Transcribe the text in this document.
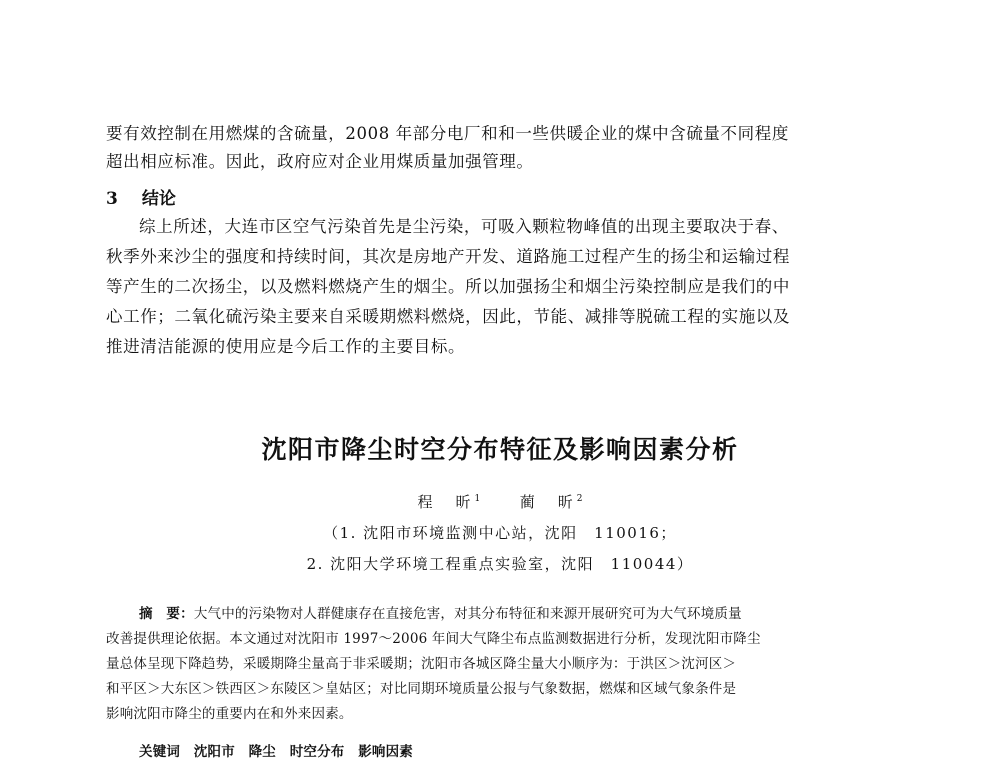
要有效控制在用燃煤的含硫量，2008 年部分电厂和和一些供暖企业的煤中含硫量不同程度
超出相应标准。因此，政府应对企业用煤质量加强管理。
3 结论
综上所述，大连市区空气污染首先是尘污染，可吸入颗粒物峰值的出现主要取决于春、
秋季外来沙尘的强度和持续时间，其次是房地产开发、道路施工过程产生的扬尘和运输过程
等产生的二次扬尘，以及燃料燃烧产生的烟尘。所以加强扬尘和烟尘污染控制应是我们的中
心工作；二氧化硫污染主要来自采暖期燃料燃烧，因此，节能、减排等脱硫工程的实施以及
推进清洁能源的使用应是今后工作的主要目标。
沈阳市降尘时空分布特征及影响因素分析
程　昕$^1$	蔺　昕$^2$
（1. 沈阳市环境监测中心站，沈阳　110016；
2. 沈阳大学环境工程重点实验室，沈阳　110044）
摘　要：大气中的污染物对人群健康存在直接危害，对其分布特征和来源开展研究可为大气环境质量
改善提供理论依据。本文通过对沈阳市 1997～2006 年间大气降尘布点监测数据进行分析，发现沈阳市降尘
量总体呈现下降趋势，采暖期降尘量高于非采暖期；沈阳市各城区降尘量大小顺序为：于洪区＞沈河区＞
和平区＞大东区＞铁西区＞东陵区＞皇姑区；对比同期环境质量公报与气象数据，燃煤和区域气象条件是
影响沈阳市降尘的重要内在和外来因素。
关键词　沈阳市　降尘　时空分布　影响因素
